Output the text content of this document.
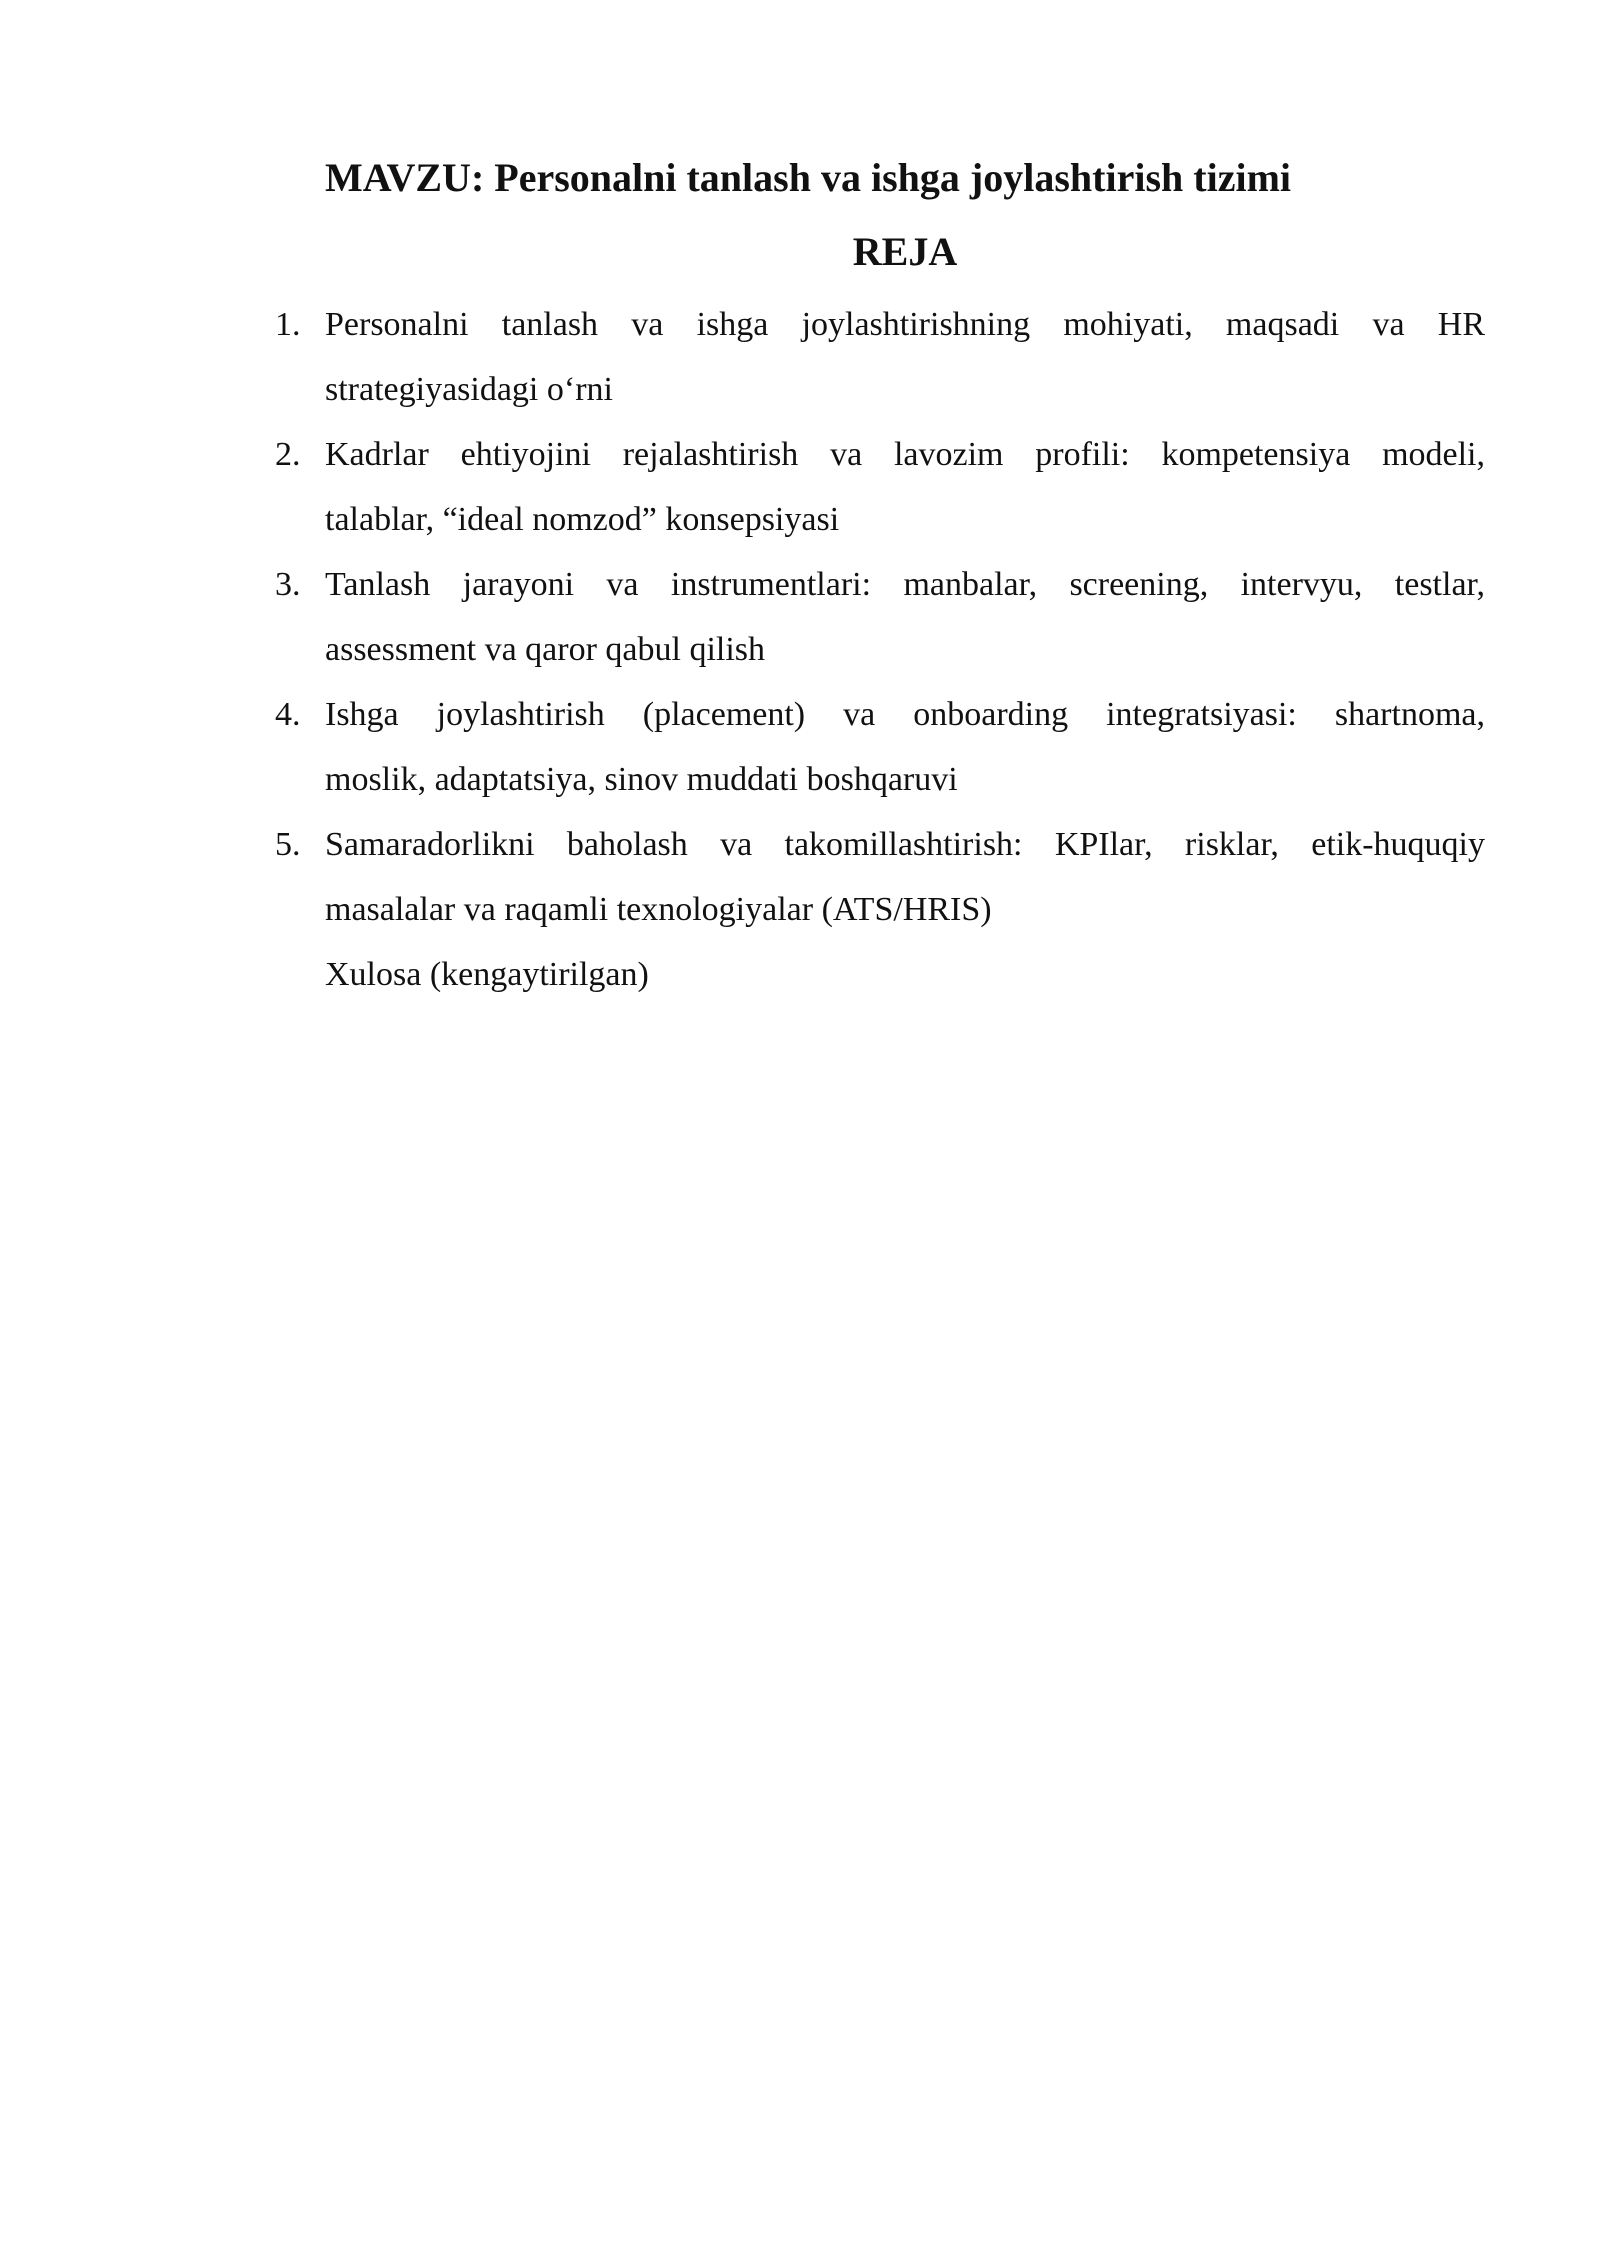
MAVZU: Personalni tanlash va ishga joylashtirish tizimi
REJA
1. Personalni tanlash va ishga joylashtirishning mohiyati, maqsadi va HR
strategiyasidagi o‘rni
2. Kadrlar ehtiyojini rejalashtirish va lavozim profili: kompetensiya modeli,
talablar, “ideal nomzod” konsepsiyasi
3. Tanlash jarayoni va instrumentlari: manbalar, screening, intervyu, testlar,
assessment va qaror qabul qilish
4. Ishga joylashtirish (placement) va onboarding integratsiyasi: shartnoma,
moslik, adaptatsiya, sinov muddati boshqaruvi
5. Samaradorlikni baholash va takomillashtirish: KPIlar, risklar, etik-huquqiy
masalalar va raqamli texnologiyalar (ATS/HRIS)
Xulosa (kengaytirilgan)
